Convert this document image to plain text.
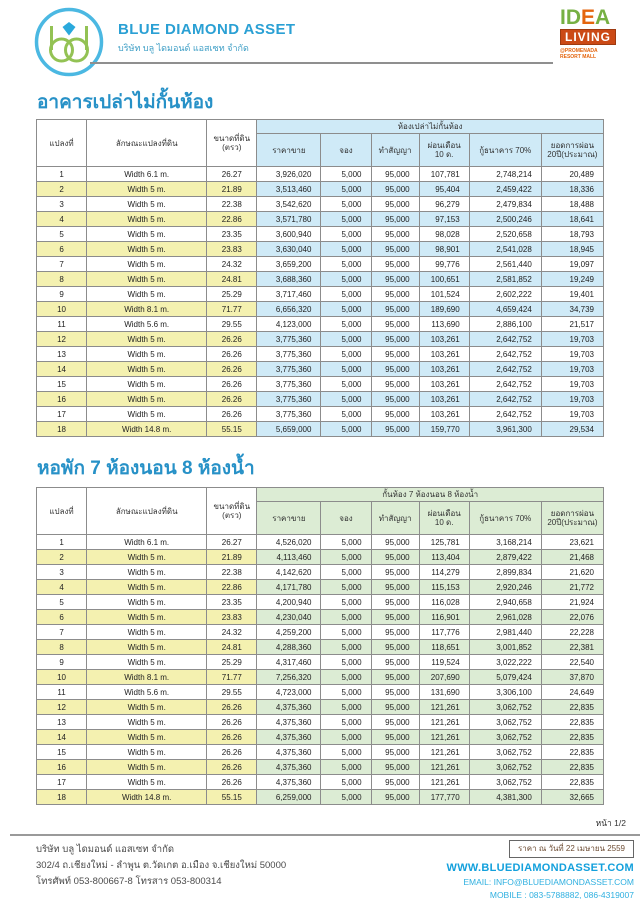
BLUE DIAMOND ASSET
บริษัท บลู ไดมอนด์ แอสเซท จำกัด
IDEA
LIVING
@PROMENADA
RESORT MALL
อาคารเปล่าไม่กั้นห้อง
แปลงที่	ลักษณะแปลงที่ดิน	ขนาดที่ดิน
(ตรว)	ห้องเปล่าไม่กั้นห้อง					
			ราคาขาย	จอง	ทำสัญญา	ผ่อนเดือน
10 ด.	กู้ธนาคาร 70%	ยอดการผ่อน
20ปี(ประมาณ)
1	Width 6.1 m.	26.27	3,926,020	5,000	95,000	107,781	2,748,214	20,489
2	Width 5 m.	21.89	3,513,460	5,000	95,000	95,404	2,459,422	18,336
3	Width 5 m.	22.38	3,542,620	5,000	95,000	96,279	2,479,834	18,488
4	Width 5 m.	22.86	3,571,780	5,000	95,000	97,153	2,500,246	18,641
5	Width 5 m.	23.35	3,600,940	5,000	95,000	98,028	2,520,658	18,793
6	Width 5 m.	23.83	3,630,040	5,000	95,000	98,901	2,541,028	18,945
7	Width 5 m.	24.32	3,659,200	5,000	95,000	99,776	2,561,440	19,097
8	Width 5 m.	24.81	3,688,360	5,000	95,000	100,651	2,581,852	19,249
9	Width 5 m.	25.29	3,717,460	5,000	95,000	101,524	2,602,222	19,401
10	Width 8.1 m.	71.77	6,656,320	5,000	95,000	189,690	4,659,424	34,739
11	Width 5.6 m.	29.55	4,123,000	5,000	95,000	113,690	2,886,100	21,517
12	Width 5 m.	26.26	3,775,360	5,000	95,000	103,261	2,642,752	19,703
13	Width 5 m.	26.26	3,775,360	5,000	95,000	103,261	2,642,752	19,703
14	Width 5 m.	26.26	3,775,360	5,000	95,000	103,261	2,642,752	19,703
15	Width 5 m.	26.26	3,775,360	5,000	95,000	103,261	2,642,752	19,703
16	Width 5 m.	26.26	3,775,360	5,000	95,000	103,261	2,642,752	19,703
17	Width 5 m.	26.26	3,775,360	5,000	95,000	103,261	2,642,752	19,703
18	Width 14.8 m.	55.15	5,659,000	5,000	95,000	159,770	3,961,300	29,534
หอพัก 7 ห้องนอน 8 ห้องน้ำ
แปลงที่	ลักษณะแปลงที่ดิน	ขนาดที่ดิน
(ตรว)	กั้นห้อง 7 ห้องนอน 8 ห้องน้ำ					
			ราคาขาย	จอง	ทำสัญญา	ผ่อนเดือน
10 ด.	กู้ธนาคาร 70%	ยอดการผ่อน
20ปี(ประมาณ)
1	Width 6.1 m.	26.27	4,526,020	5,000	95,000	125,781	3,168,214	23,621
2	Width 5 m.	21.89	4,113,460	5,000	95,000	113,404	2,879,422	21,468
3	Width 5 m.	22.38	4,142,620	5,000	95,000	114,279	2,899,834	21,620
4	Width 5 m.	22.86	4,171,780	5,000	95,000	115,153	2,920,246	21,772
5	Width 5 m.	23.35	4,200,940	5,000	95,000	116,028	2,940,658	21,924
6	Width 5 m.	23.83	4,230,040	5,000	95,000	116,901	2,961,028	22,076
7	Width 5 m.	24.32	4,259,200	5,000	95,000	117,776	2,981,440	22,228
8	Width 5 m.	24.81	4,288,360	5,000	95,000	118,651	3,001,852	22,381
9	Width 5 m.	25.29	4,317,460	5,000	95,000	119,524	3,022,222	22,540
10	Width 8.1 m.	71.77	7,256,320	5,000	95,000	207,690	5,079,424	37,870
11	Width 5.6 m.	29.55	4,723,000	5,000	95,000	131,690	3,306,100	24,649
12	Width 5 m.	26.26	4,375,360	5,000	95,000	121,261	3,062,752	22,835
13	Width 5 m.	26.26	4,375,360	5,000	95,000	121,261	3,062,752	22,835
14	Width 5 m.	26.26	4,375,360	5,000	95,000	121,261	3,062,752	22,835
15	Width 5 m.	26.26	4,375,360	5,000	95,000	121,261	3,062,752	22,835
16	Width 5 m.	26.26	4,375,360	5,000	95,000	121,261	3,062,752	22,835
17	Width 5 m.	26.26	4,375,360	5,000	95,000	121,261	3,062,752	22,835
18	Width 14.8 m.	55.15	6,259,000	5,000	95,000	177,770	4,381,300	32,665
หน้า 1/2
บริษัท บลู ไดมอนด์ แอสเซท จำกัด
302/4 ถ.เชียงใหม่ - ลำพูน ต.วัดเกต อ.เมือง จ.เชียงใหม่ 50000
โทรศัพท์ 053-800667-8 โทรสาร 053-800314
ราคา ณ วันที่ 22 เมษายน 2559
WWW.BLUEDIAMONDASSET.COM
EMAIL: INFO@BLUEDIAMONDASSET.COM
MOBILE : 083-5788882, 086-4319007
